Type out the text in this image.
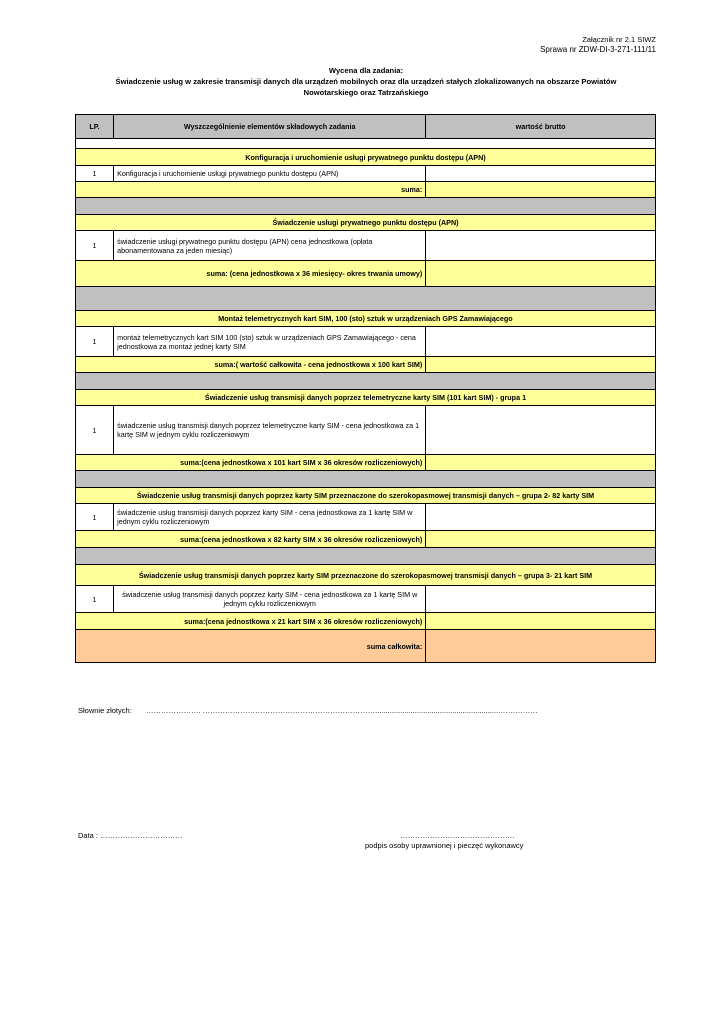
Załącznik nr 2.1 SIWZ
Sprawa nr ZDW-DI-3-271-111/11
Wycena dla zadania:
Świadczenie usług w zakresie transmisji danych dla urządzeń mobilnych oraz dla urządzeń stałych zlokalizowanych na obszarze Powiatów
Nowotarskiego oraz Tatrzańskiego
LP.	Wyszczególnienie elementów składowych zadania	wartość brutto

Konfiguracja i uruchomienie usługi prywatnego punktu dostępu (APN)		
1	Konfiguracja i uruchomienie usługi prywatnego punktu dostępu (APN)	
suma:		

Świadczenie usługi prywatnego punktu dostępu (APN)		
1	świadczenie usługi prywatnego punktu dostępu (APN) cena jednostkowa (opłata abonamentowana za jeden miesiąc)	
suma: (cena jednostkowa x 36 miesięcy- okres trwania umowy)		

Montaż telemetrycznych kart SIM, 100 (sto) sztuk w urządzeniach GPS Zamawiającego		
1	montaż telemetrycznych kart SIM 100 (sto) sztuk w urządzeniach GPS Zamawiającego - cena jednostkowa za montaż jednej karty SIM	
suma:( wartość całkowita - cena jednostkowa x 100 kart SIM)		

Świadczenie usług transmisji danych poprzez telemetryczne karty SIM (101 kart SIM) - grupa 1		
1	świadczenie usług transmisji danych poprzez telemetryczne karty SIM - cena jednostkowa za 1 kartę SIM w jednym cyklu rozliczeniowym	
suma:(cena jednostkowa x 101 kart SIM x 36 okresów rozliczeniowych)		

Świadczenie usług transmisji danych poprzez karty SIM przeznaczone do szerokopasmowej transmisji danych – grupa 2- 82 karty SIM		
1	świadczenie usług transmisji danych poprzez karty SIM - cena jednostkowa za 1 kartę SIM w jednym cyklu rozliczeniowym	
suma:(cena jednostkowa x 82 karty SIM x 36 okresów rozliczeniowych)		

Świadczenie usług transmisji danych poprzez karty SIM przeznaczone do szerokopasmowej transmisji danych – grupa 3- 21 kart SIM		
1	świadczenie usług transmisji danych poprzez karty SIM - cena jednostkowa za 1 kartę SIM w jednym cyklu rozliczeniowym	
suma:(cena jednostkowa x 21 kart SIM x 36 okresów rozliczeniowych)		
suma całkowita:		
Słownie złotych: …………………. ……………………………………………………………............................................................……………
Data : ……………………………	……………………………………….
podpis osoby uprawnionej i pieczęć wykonawcy
